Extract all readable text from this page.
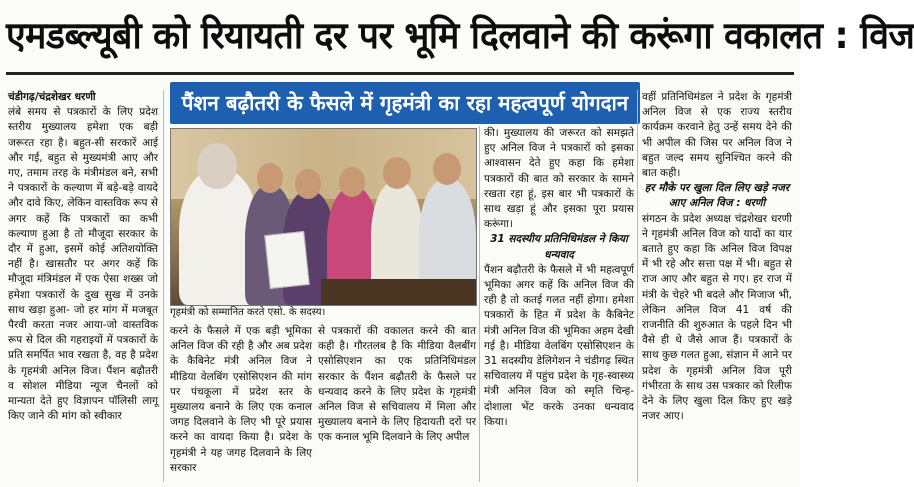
एमडब्ल्यूबी को रियायती दर पर भूमि दिलवाने की करूंगा वकालत : विज
पैंशन बढ़ौतरी के फैसले में गृहमंत्री का रहा महत्वपूर्ण योगदान

चंडीगढ़/चंद्रशेखर धरणी

लंबे समय से पत्रकारों के लिए प्रदेश स्तरीय मुख्यालय हमेशा एक बड़ी जरूरत रहा है। बहुत-सी सरकारें आई और गई, बहुत से मुख्यमंत्री आए और गए, तमाम तरह के मंत्रीमंडल बने, सभी ने पत्रकारों के कल्याण में बड़े-बड़े वायदे और दावे किए, लेकिन वास्तविक रूप से अगर कहें कि पत्रकारों का कभी कल्याण हुआ है तो मौजूदा सरकार के दौर में हुआ, इसमें कोई अतिशयोक्ति नहीं है। खासतौर पर अगर कहें कि मौजूदा मंत्रिमंडल में एक ऐसा शख्स जो हमेशा पत्रकारों के दुख सुख में उनके साथ खड़ा हुआ- जो हर मांग में मजबूत पैरवी करता नजर आया-जो वास्तविक रूप से दिल की गहराइयों में पत्रकारों के प्रति समर्पित भाव रखता है, वह है प्रदेश के गृहमंत्री अनिल विज। पैंशन बढ़ौतरी व सोशल मीडिया न्यूज चैनलों को मान्यता देते हुए विज्ञापन पॉलिसी लागू किए जाने की मांग को स्वीकार

गृहमंत्री को सम्मानित करते एसो. के सदस्य।

करने के फैसले में एक बड़ी भूमिका अनिल विज की रही है और अब प्रदेश के कैबिनेट मंत्री अनिल विज ने मीडिया वेलबिंग एसोसिएशन की मांग पर पंचकूला में प्रदेश स्तर के मुख्यालय बनाने के लिए एक कनाल जगह दिलवाने के लिए भी पूरे प्रयास करने का वायदा किया है। प्रदेश के गृहमंत्री ने यह जगह दिलवाने के लिए सरकार

से पत्रकारों की वकालत करने की बात कही है। गौरतलब है कि मीडिया वैलबींग एसोसिएशन का एक प्रतिनिधिमंडल सरकार के पैंशन बढ़ौतरी के फैसले पर धन्यवाद करने के लिए प्रदेश के गृहमंत्री अनिल विज से सचिवालय में मिला और मुख्यालय बनाने के लिए हिदायती दरों पर एक कनाल भूमि दिलवाने के लिए अपील

की। मुख्यालय की जरूरत को समझते हुए अनिल विज ने पत्रकारों को इसका आश्वासन देते हुए कहा कि हमेशा पत्रकारों की बात को सरकार के सामने रखता रहा हूं, इस बार भी पत्रकारों के साथ खड़ा हूं और इसका पूरा प्रयास करूंगा।

31 सदस्यीय प्रतिनिधिमंडल ने किया धन्यवाद

पैंशन बढ़ौतरी के फैसले में भी महत्वपूर्ण भूमिका अगर कहें कि अनिल विज की रही है तो कतई गलत नहीं होगा। हमेशा पत्रकारों के हित में प्रदेश के कैबिनेट मंत्री अनिल विज की भूमिका अहम देखी गई है। मीडिया वेलबिंग एसोसिएशन के 31 सदस्यीय डेलिगेशन ने चंडीगढ़ स्थित सचिवालय में पहुंच प्रदेश के गृह-स्वास्थ्य मंत्री अनिल विज को स्मृति चिन्ह- दोशाला भेंट करके उनका धन्यवाद किया।

वहीं प्रतिनिधिमंडल ने प्रदेश के गृहमंत्री अनिल विज से एक राज्य स्तरीय कार्यक्रम करवाने हेतु उन्हें समय देने की भी अपील की जिस पर अनिल विज ने बहुत जल्द समय सुनिश्चित करने की बात कही।

हर मौके पर खुला दिल लिए खड़े नजर आए अनिल विज : धरणी

संगठन के प्रदेश अध्यक्ष चंद्रशेखर धरणी ने गृहमंत्री अनिल विज को यादों का यार बताते हुए कहा कि अनिल विज विपक्ष में भी रहे और सत्ता पक्ष में भी। बहुत से राज आए और बहुत से गए। हर राज में मंत्री के चेहरे भी बदले और मिजाज भी, लेकिन अनिल विज 41 वर्ष की राजनीति की शुरुआत के पहले दिन भी वैसे ही थे जैसे आज हैं। पत्रकारों के साथ कुछ गलत हुआ, संज्ञान में आने पर प्रदेश के गृहमंत्री अनिल विज पूरी गंभीरता के साथ उस पत्रकार को रिलीफ देने के लिए खुला दिल किए हुए खड़े नजर आए।
